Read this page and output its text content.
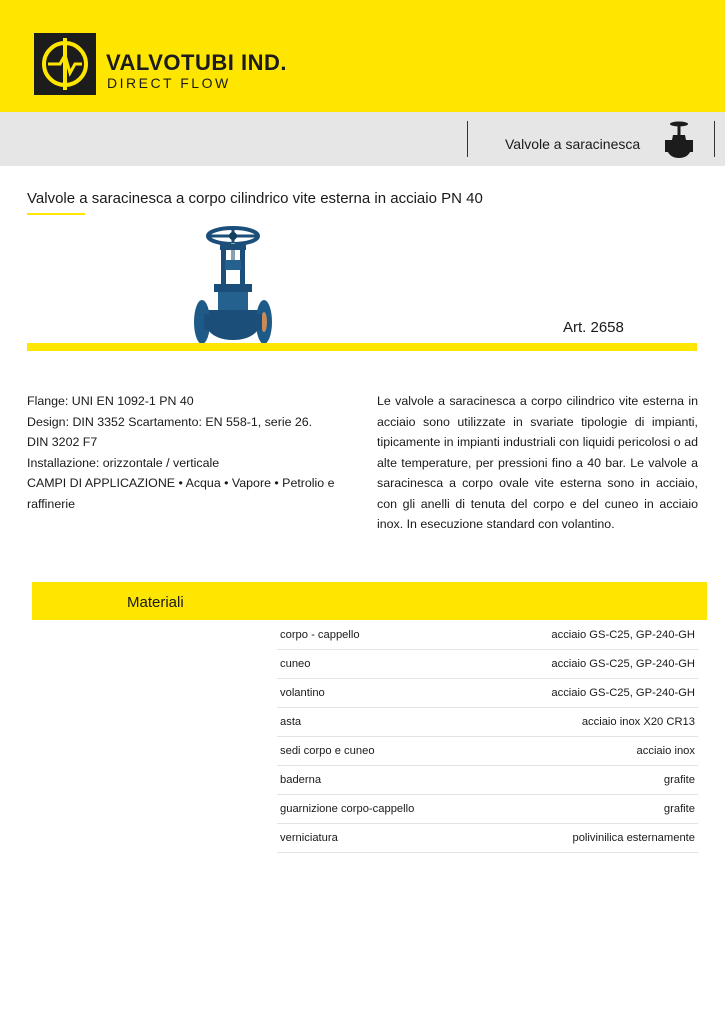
VALVOTUBI IND.
DIRECT FLOW
Valvole a saracinesca
Valvole a saracinesca a corpo cilindrico vite esterna in acciaio PN 40
Art. 2658
Flange: UNI EN 1092-1 PN 40
Design: DIN 3352 Scartamento: EN 558-1, serie 26.
DIN 3202 F7
Installazione: orizzontale / verticale
CAMPI DI APPLICAZIONE • Acqua • Vapore • Petrolio e raffinerie
Le valvole a saracinesca a corpo cilindrico vite esterna in acciaio sono utilizzate in svariate tipologie di impianti, tipicamente in impianti industriali con liquidi pericolosi o ad alte temperature, per pressioni fino a 40 bar. Le valvole a saracinesca a corpo ovale vite esterna sono in acciaio, con gli anelli di tenuta del corpo e del cuneo in acciaio inox. In esecuzione standard con volantino.
Materiali
corpo - cappello	acciaio GS-C25, GP-240-GH
cuneo	acciaio GS-C25, GP-240-GH
volantino	acciaio GS-C25, GP-240-GH
asta	acciaio inox X20 CR13
sedi corpo e cuneo	acciaio inox
baderna	grafite
guarnizione corpo-cappello	grafite
verniciatura	polivinilica esternamente
